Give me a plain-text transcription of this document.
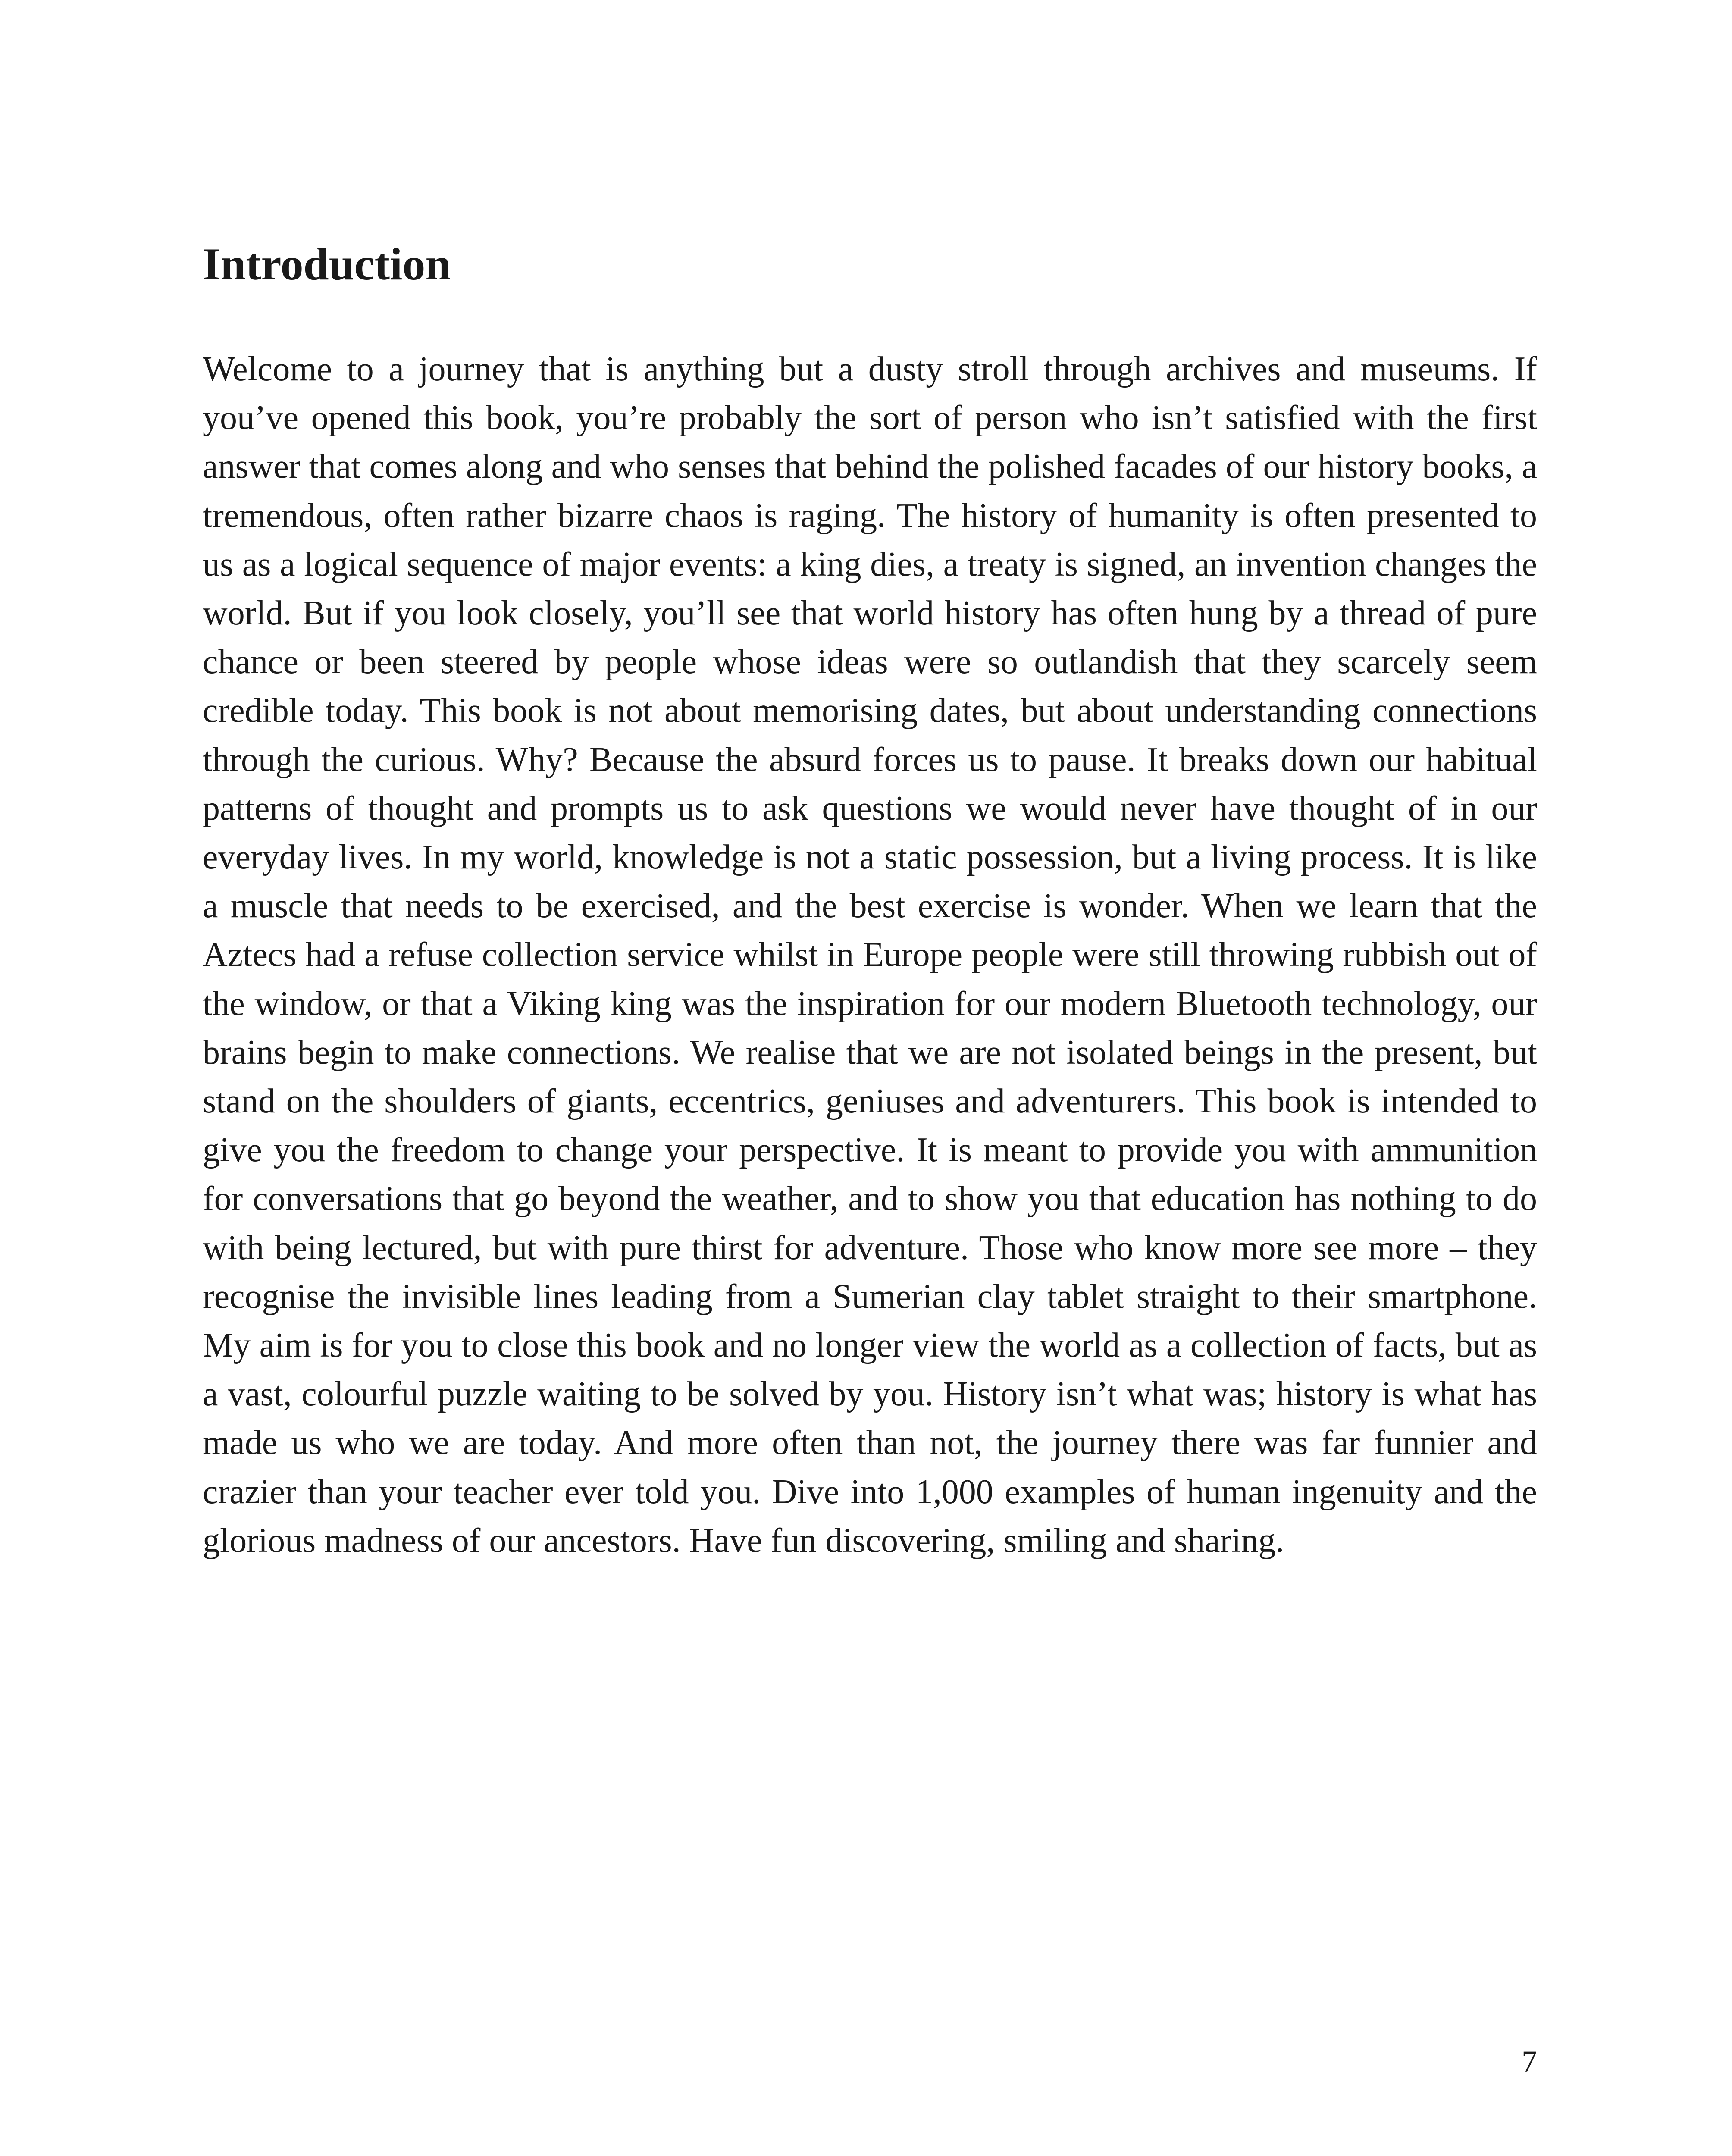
Introduction

Welcome to a journey that is anything but a dusty stroll through archives and museums. If you’ve opened this book, you’re probably the sort of person who isn’t satisfied with the first answer that comes along and who senses that behind the polished facades of our history books, a tremendous, often rather bizarre chaos is raging. The history of humanity is often presented to us as a logical sequence of major events: a king dies, a treaty is signed, an invention changes the world. But if you look closely, you’ll see that world history has often hung by a thread of pure chance or been steered by people whose ideas were so outlandish that they scarcely seem credible today. This book is not about memorising dates, but about understanding connections through the curious. Why? Because the absurd forces us to pause. It breaks down our habitual patterns of thought and prompts us to ask questions we would never have thought of in our everyday lives. In my world, knowledge is not a static possession, but a living process. It is like a muscle that needs to be exercised, and the best exercise is wonder. When we learn that the Aztecs had a refuse collection service whilst in Europe people were still throwing rubbish out of the window, or that a Viking king was the inspiration for our modern Bluetooth technology, our brains begin to make connections. We realise that we are not isolated beings in the present, but stand on the shoulders of giants, eccentrics, geniuses and adventurers. This book is intended to give you the freedom to change your perspective. It is meant to provide you with ammunition for conversations that go beyond the weather, and to show you that education has nothing to do with being lectured, but with pure thirst for adventure. Those who know more see more – they recognise the invisible lines leading from a Sumerian clay tablet straight to their smartphone. My aim is for you to close this book and no longer view the world as a collection of facts, but as a vast, colourful puzzle waiting to be solved by you. History isn’t what was; history is what has made us who we are today. And more often than not, the journey there was far funnier and crazier than your teacher ever told you. Dive into 1,000 examples of human ingenuity and the glorious madness of our ancestors. Have fun discovering, smiling and sharing.

7
